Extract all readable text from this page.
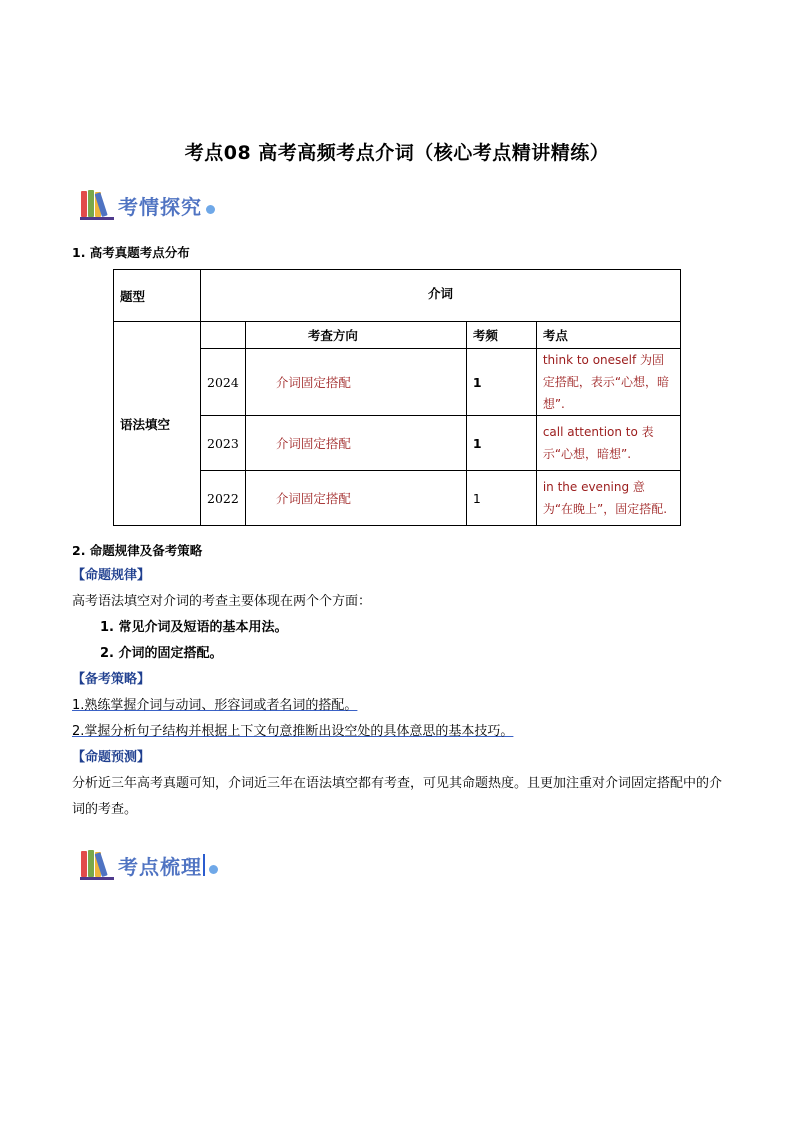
考点08 高考高频考点介词（核心考点精讲精练）
考情探究
1. 高考真题考点分布
题型	介词			
语法填空		考查方向	考频	考点
	2024	介词固定搭配	1	think to oneself 为固定搭配，表示“心想，暗想”.
	2023	介词固定搭配	1	call attention to 表示“心想，暗想”.
	2022	介词固定搭配	1	in the evening 意为“在晚上”，固定搭配.
2. 命题规律及备考策略
【命题规律】
高考语法填空对介词的考查主要体现在两个个方面：
1. 常见介词及短语的基本用法。
2. 介词的固定搭配。
【备考策略】
1.熟练掌握介词与动词、形容词或者名词的搭配。
2.掌握分析句子结构并根据上下文句意推断出设空处的具体意思的基本技巧。
【命题预测】
分析近三年高考真题可知，介词近三年在语法填空都有考查，可见其命题热度。且更加注重对介词固定搭配中的介词的考查。
考点梳理
